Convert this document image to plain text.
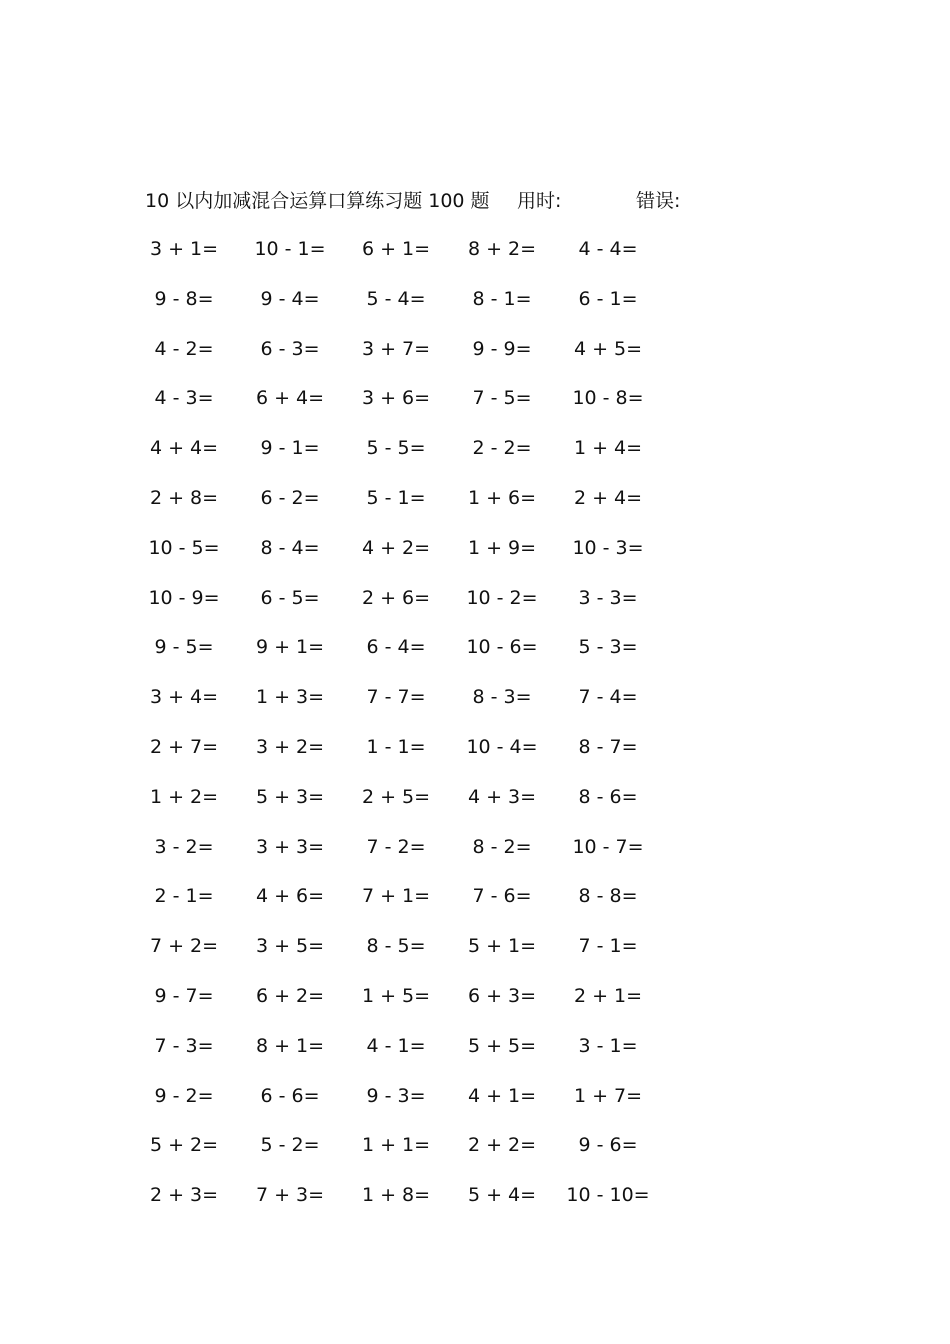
10 以内加减混合运算口算练习题 100 题 用时:	错误:
3 + 1= 10 - 1= 6 + 1= 8 + 2= 4 - 4=
9 - 8= 9 - 4= 5 - 4= 8 - 1= 6 - 1=
4 - 2= 6 - 3= 3 + 7= 9 - 9= 4 + 5=
4 - 3= 6 + 4= 3 + 6= 7 - 5= 10 - 8=
4 + 4= 9 - 1= 5 - 5= 2 - 2= 1 + 4=
2 + 8= 6 - 2= 5 - 1= 1 + 6= 2 + 4=
10 - 5= 8 - 4= 4 + 2= 1 + 9= 10 - 3=
10 - 9= 6 - 5= 2 + 6= 10 - 2= 3 - 3=
9 - 5= 9 + 1= 6 - 4= 10 - 6= 5 - 3=
3 + 4= 1 + 3= 7 - 7= 8 - 3= 7 - 4=
2 + 7= 3 + 2= 1 - 1= 10 - 4= 8 - 7=
1 + 2= 5 + 3= 2 + 5= 4 + 3= 8 - 6=
3 - 2= 3 + 3= 7 - 2= 8 - 2= 10 - 7=
2 - 1= 4 + 6= 7 + 1= 7 - 6= 8 - 8=
7 + 2= 3 + 5= 8 - 5= 5 + 1= 7 - 1=
9 - 7= 6 + 2= 1 + 5= 6 + 3= 2 + 1=
7 - 3= 8 + 1= 4 - 1= 5 + 5= 3 - 1=
9 - 2= 6 - 6= 9 - 3= 4 + 1= 1 + 7=
5 + 2= 5 - 2= 1 + 1= 2 + 2= 9 - 6=
2 + 3= 7 + 3= 1 + 8= 5 + 4= 10 - 10=
